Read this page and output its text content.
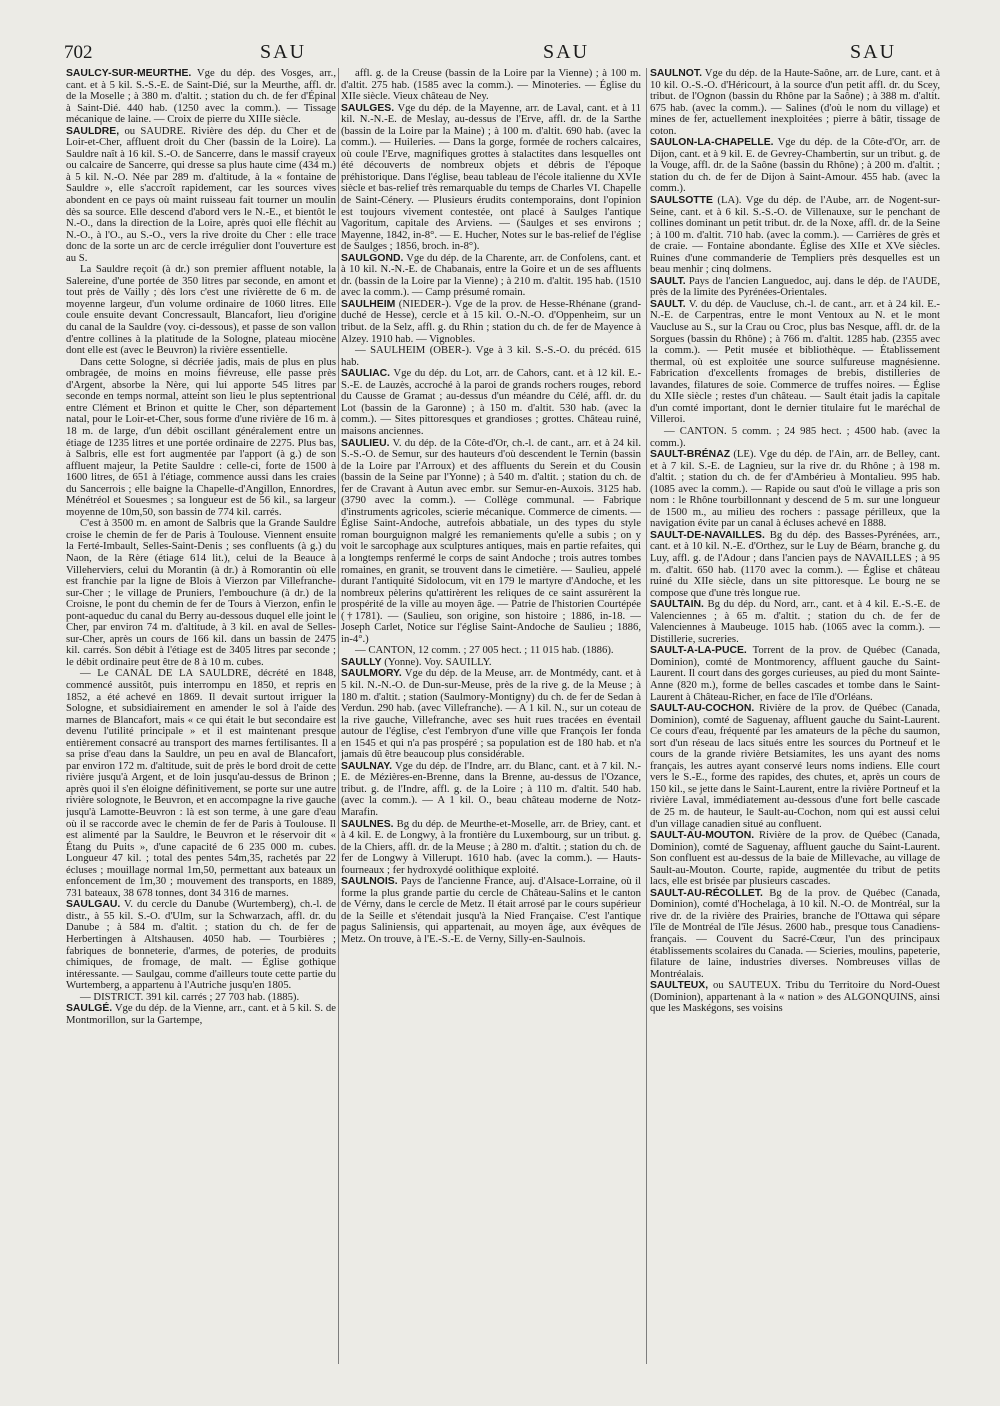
702	SAU	SAU	SAU

SAULCY-SUR-MEURTHE. Vge du dép. des Vosges, arr., cant. et à 5 kil. S.-S.-E. de Saint-Dié, sur la Meurthe, affl. dr. de la Moselle ; à 380 m. d'altit. ; station du ch. de fer d'Épinal à Saint-Dié. 440 hab. (1250 avec la comm.). — Tissage mécanique de laine. — Croix de pierre du XIIIe siècle.

SAULDRE, ou SAUDRE. Rivière des dép. du Cher et de Loir-et-Cher, affluent droit du Cher (bassin de la Loire). La Sauldre naît à 16 kil. S.-O. de Sancerre, dans le massif crayeux ou calcaire de Sancerre, qui dresse sa plus haute cime (434 m.) à 5 kil. N.-O. Née par 289 m. d'altitude, à la « fontaine de Sauldre », elle s'accroît rapidement, car les sources vives abondent en ce pays où maint ruisseau fait tourner un moulin dès sa source. Elle descend d'abord vers le N.-E., et bientôt le N.-O., dans la direction de la Loire, après quoi elle fléchit au N.-O., à l'O., au S.-O., vers la rive droite du Cher : elle trace donc de la sorte un arc de cercle irrégulier dont l'ouverture est au S.

La Sauldre reçoit (à dr.) son premier affluent notable, la Salereine, d'une portée de 350 litres par seconde, en amont et tout près de Vailly ; dès lors c'est une rivièrette de 6 m. de moyenne largeur, d'un volume ordinaire de 1060 litres. Elle coule ensuite devant Concressault, Blancafort, lieu d'origine du canal de la Sauldre (voy. ci-dessous), et passe de son vallon d'entre collines à la platitude de la Sologne, plateau miocène dont elle est (avec le Beuvron) la rivière essentielle.

Dans cette Sologne, si décriée jadis, mais de plus en plus ombragée, de moins en moins fiévreuse, elle passe près d'Argent, absorbe la Nère, qui lui apporte 545 litres par seconde en temps normal, atteint son lieu le plus septentrional entre Clément et Brinon et quitte le Cher, son département natal, pour le Loir-et-Cher, sous forme d'une rivière de 16 m. à 18 m. de large, d'un débit oscillant généralement entre un étiage de 1235 litres et une portée ordinaire de 2275. Plus bas, à Salbris, elle est fort augmentée par l'apport (à g.) de son affluent majeur, la Petite Sauldre : celle-ci, forte de 1500 à 1600 litres, de 651 à l'étiage, commence aussi dans les craies du Sancerrois ; elle baigne la Chapelle-d'Angillon, Ennordres, Ménétréol et Souesmes ; sa longueur est de 56 kil., sa largeur moyenne de 10m,50, son bassin de 774 kil. carrés.

C'est à 3500 m. en amont de Salbris que la Grande Sauldre croise le chemin de fer de Paris à Toulouse. Viennent ensuite la Ferté-Imbault, Selles-Saint-Denis ; ses confluents (à g.) du Naon, de la Rère (étiage 614 lit.), celui de la Beauce à Villeherviers, celui du Morantin (à dr.) à Romorantin où elle est franchie par la ligne de Blois à Vierzon par Villefranche-sur-Cher ; le village de Pruniers, l'embouchure (à dr.) de la Croisne, le pont du chemin de fer de Tours à Vierzon, enfin le pont-aqueduc du canal du Berry au-dessous duquel elle joint le Cher, par environ 74 m. d'altitude, à 3 kil. en aval de Selles-sur-Cher, après un cours de 166 kil. dans un bassin de 2475 kil. carrés. Son débit à l'étiage est de 3405 litres par seconde ; le débit ordinaire peut être de 8 à 10 m. cubes.

— Le CANAL DE LA SAULDRE, décrété en 1848, commencé aussitôt, puis interrompu en 1850, et repris en 1852, a été achevé en 1869. Il devait surtout irriguer la Sologne, et subsidiairement en amender le sol à l'aide des marnes de Blancafort, mais « ce qui était le but secondaire est devenu l'utilité principale » et il est maintenant presque entièrement consacré au transport des marnes fertilisantes. Il a sa prise d'eau dans la Sauldre, un peu en aval de Blancafort, par environ 172 m. d'altitude, suit de près le bord droit de cette rivière jusqu'à Argent, et de loin jusqu'au-dessus de Brinon ; après quoi il s'en éloigne définitivement, se porte sur une autre rivière solognote, le Beuvron, et en accompagne la rive gauche jusqu'à Lamotte-Beuvron : là est son terme, à une gare d'eau où il se raccorde avec le chemin de fer de Paris à Toulouse. Il est alimenté par la Sauldre, le Beuvron et le réservoir dit « Étang du Puits », d'une capacité de 6 235 000 m. cubes. Longueur 47 kil. ; total des pentes 54m,35, rachetés par 22 écluses ; mouillage normal 1m,50, permettant aux bateaux un enfoncement de 1m,30 ; mouvement des transports, en 1889, 731 bateaux, 38 678 tonnes, dont 34 316 de marnes.

SAULGAU. V. du cercle du Danube (Wurtemberg), ch.-l. de distr., à 55 kil. S.-O. d'Ulm, sur la Schwarzach, affl. dr. du Danube ; à 584 m. d'altit. ; station du ch. de fer de Herbertingen à Altshausen. 4050 hab. — Tourbières ; fabriques de bonneterie, d'armes, de poteries, de produits chimiques, de fromage, de malt. — Église gothique intéressante. — Saulgau, comme d'ailleurs toute cette partie du Wurtemberg, a appartenu à l'Autriche jusqu'en 1805.

— DISTRICT. 391 kil. carrés ; 27 703 hab. (1885).

SAULGÉ. Vge du dép. de la Vienne, arr., cant. et à 5 kil. S. de Montmorillon, sur la Gartempe,

affl. g. de la Creuse (bassin de la Loire par la Vienne) ; à 100 m. d'altit. 275 hab. (1585 avec la comm.). — Minoteries. — Église du XIIe siècle. Vieux château de Ney.

SAULGES. Vge du dép. de la Mayenne, arr. de Laval, cant. et à 11 kil. N.-N.-E. de Meslay, au-dessus de l'Erve, affl. dr. de la Sarthe (bassin de la Loire par la Maine) ; à 100 m. d'altit. 690 hab. (avec la comm.). — Huileries. — Dans la gorge, formée de rochers calcaires, où coule l'Erve, magnifiques grottes à stalactites dans lesquelles ont été découverts de nombreux objets et débris de l'époque préhistorique. Dans l'église, beau tableau de l'école italienne du XVIe siècle et bas-relief très remarquable du temps de Charles VI. Chapelle de Saint-Cénery. — Plusieurs érudits contemporains, dont l'opinion est toujours vivement contestée, ont placé à Saulges l'antique Vagoritum, capitale des Arviens. — (Saulges et ses environs ; Mayenne, 1842, in-8°. — E. Hucher, Notes sur le bas-relief de l'église de Saulges ; 1856, broch. in-8°).

SAULGOND. Vge du dép. de la Charente, arr. de Confolens, cant. et à 10 kil. N.-N.-E. de Chabanais, entre la Goire et un de ses affluents dr. (bassin de la Loire par la Vienne) ; à 210 m. d'altit. 195 hab. (1510 avec la comm.). — Camp présumé romain.

SAULHEIM (NIEDER-). Vge de la prov. de Hesse-Rhénane (grand-duché de Hesse), cercle et à 15 kil. O.-N.-O. d'Oppenheim, sur un tribut. de la Selz, affl. g. du Rhin ; station du ch. de fer de Mayence à Alzey. 1910 hab. — Vignobles.

— SAULHEIM (OBER-). Vge à 3 kil. S.-S.-O. du précéd. 615 hab.

SAULIAC. Vge du dép. du Lot, arr. de Cahors, cant. et à 12 kil. E.-S.-E. de Lauzès, accroché à la paroi de grands rochers rouges, rebord du Causse de Gramat ; au-dessus d'un méandre du Célé, affl. dr. du Lot (bassin de la Garonne) ; à 150 m. d'altit. 530 hab. (avec la comm.). — Sites pittoresques et grandioses ; grottes. Château ruiné, maisons anciennes.

SAULIEU. V. du dép. de la Côte-d'Or, ch.-l. de cant., arr. et à 24 kil. S.-S.-O. de Semur, sur des hauteurs d'où descendent le Ternin (bassin de la Loire par l'Arroux) et des affluents du Serein et du Cousin (bassin de la Seine par l'Yonne) ; à 540 m. d'altit. ; station du ch. de fer de Cravant à Autun avec embr. sur Semur-en-Auxois. 3125 hab. (3790 avec la comm.). — Collège communal. — Fabrique d'instruments agricoles, scierie mécanique. Commerce de ciments. — Église Saint-Andoche, autrefois abbatiale, un des types du style roman bourguignon malgré les remaniements qu'elle a subis ; on y voit le sarcophage aux sculptures antiques, mais en partie refaites, qui a longtemps renfermé le corps de saint Andoche ; trois autres tombes romaines, en granit, se trouvent dans le cimetière. — Saulieu, appelé durant l'antiquité Sidolocum, vit en 179 le martyre d'Andoche, et les nombreux pèlerins qu'attirèrent les reliques de ce saint assurèrent la prospérité de la ville au moyen âge. — Patrie de l'historien Courtépée (†1781). — (Saulieu, son origine, son histoire ; 1886, in-18. — Joseph Carlet, Notice sur l'église Saint-Andoche de Saulieu ; 1886, in-4°.)

— CANTON, 12 comm. ; 27 005 hect. ; 11 015 hab. (1886).

SAULLY (Yonne). Voy. SAUILLY.

SAULMORY. Vge du dép. de la Meuse, arr. de Montmédy, cant. et à 5 kil. N.-N.-O. de Dun-sur-Meuse, près de la rive g. de la Meuse ; à 180 m. d'altit. ; station (Saulmory-Montigny) du ch. de fer de Sedan à Verdun. 290 hab. (avec Villefranche). — A 1 kil. N., sur un coteau de la rive gauche, Villefranche, avec ses huit rues tracées en éventail autour de l'église, c'est l'embryon d'une ville que François Ier fonda en 1545 et qui n'a pas prospéré ; sa population est de 180 hab. et n'a jamais dû être beaucoup plus considérable.

SAULNAY. Vge du dép. de l'Indre, arr. du Blanc, cant. et à 7 kil. N.-E. de Mézières-en-Brenne, dans la Brenne, au-dessus de l'Ozance, tribut. g. de l'Indre, affl. g. de la Loire ; à 110 m. d'altit. 540 hab. (avec la comm.). — A 1 kil. O., beau château moderne de Notz-Marafin.

SAULNES. Bg du dép. de Meurthe-et-Moselle, arr. de Briey, cant. et à 4 kil. E. de Longwy, à la frontière du Luxembourg, sur un tribut. g. de la Chiers, affl. dr. de la Meuse ; à 280 m. d'altit. ; station du ch. de fer de Longwy à Villerupt. 1610 hab. (avec la comm.). — Hauts-fourneaux ; fer hydroxydé oolithique exploité.

SAULNOIS. Pays de l'ancienne France, auj. d'Alsace-Lorraine, où il forme la plus grande partie du cercle de Château-Salins et le canton de Vérny, dans le cercle de Metz. Il était arrosé par le cours supérieur de la Seille et s'étendait jusqu'à la Nied Française. C'est l'antique pagus Saliniensis, qui appartenait, au moyen âge, aux évêques de Metz. On trouve, à l'E.-S.-E. de Verny, Silly-en-Saulnois.

SAULNOT. Vge du dép. de la Haute-Saône, arr. de Lure, cant. et à 10 kil. O.-S.-O. d'Héricourt, à la source d'un petit affl. dr. du Scey, tribut. de l'Ognon (bassin du Rhône par la Saône) ; à 388 m. d'altit. 675 hab. (avec la comm.). — Salines (d'où le nom du village) et mines de fer, actuellement inexploitées ; pierre à bâtir, tissage de coton.

SAULON-LA-CHAPELLE. Vge du dép. de la Côte-d'Or, arr. de Dijon, cant. et à 9 kil. E. de Gevrey-Chambertin, sur un tribut. g. de la Vouge, affl. dr. de la Saône (bassin du Rhône) ; à 200 m. d'altit. ; station du ch. de fer de Dijon à Saint-Amour. 455 hab. (avec la comm.).

SAULSOTTE (LA). Vge du dép. de l'Aube, arr. de Nogent-sur-Seine, cant. et à 6 kil. S.-S.-O. de Villenauxe, sur le penchant de collines dominant un petit tribut. dr. de la Noxe, affl. dr. de la Seine ; à 100 m. d'altit. 710 hab. (avec la comm.). — Carrières de grès et de craie. — Fontaine abondante. Église des XIIe et XVe siècles. Ruines d'une commanderie de Templiers près desquelles est un beau menhir ; cinq dolmens.

SAULT. Pays de l'ancien Languedoc, auj. dans le dép. de l'AUDE, près de la limite des Pyrénées-Orientales.

SAULT. V. du dép. de Vaucluse, ch.-l. de cant., arr. et à 24 kil. E.-N.-E. de Carpentras, entre le mont Ventoux au N. et le mont Vaucluse au S., sur la Crau ou Croc, plus bas Nesque, affl. dr. de la Sorgues (bassin du Rhône) ; à 766 m. d'altit. 1285 hab. (2355 avec la comm.). — Petit musée et bibliothèque. — Établissement thermal, où est exploitée une source sulfureuse magnésienne. Fabrication d'excellents fromages de brebis, distilleries de lavandes, filatures de soie. Commerce de truffes noires. — Église du XIIe siècle ; restes d'un château. — Sault était jadis la capitale d'un comté important, dont le dernier titulaire fut le maréchal de Villeroi.

— CANTON. 5 comm. ; 24 985 hect. ; 4500 hab. (avec la comm.).

SAULT-BRÉNAZ (LE). Vge du dép. de l'Ain, arr. de Belley, cant. et à 7 kil. S.-E. de Lagnieu, sur la rive dr. du Rhône ; à 198 m. d'altit. ; station du ch. de fer d'Ambérieu à Montalieu. 995 hab. (1085 avec la comm.). — Rapide ou saut d'où le village a pris son nom : le Rhône tourbillonnant y descend de 5 m. sur une longueur de 1500 m., au milieu des rochers : passage périlleux, que la navigation évite par un canal à écluses achevé en 1888.

SAULT-DE-NAVAILLES. Bg du dép. des Basses-Pyrénées, arr., cant. et à 10 kil. N.-E. d'Orthez, sur le Luy de Béarn, branche g. du Luy, affl. g. de l'Adour ; dans l'ancien pays de NAVAILLES ; à 95 m. d'altit. 650 hab. (1170 avec la comm.). — Église et château ruiné du XIIe siècle, dans un site pittoresque. Le bourg ne se compose que d'une très longue rue.

SAULTAIN. Bg du dép. du Nord, arr., cant. et à 4 kil. E.-S.-E. de Valenciennes ; à 65 m. d'altit. ; station du ch. de fer de Valenciennes à Maubeuge. 1015 hab. (1065 avec la comm.). — Distillerie, sucreries.

SAULT-A-LA-PUCE. Torrent de la prov. de Québec (Canada, Dominion), comté de Montmorency, affluent gauche du Saint-Laurent. Il court dans des gorges curieuses, au pied du mont Sainte-Anne (820 m.), forme de belles cascades et tombe dans le Saint-Laurent à Château-Richer, en face de l'île d'Orléans.

SAULT-AU-COCHON. Rivière de la prov. de Québec (Canada, Dominion), comté de Saguenay, affluent gauche du Saint-Laurent. Ce cours d'eau, fréquenté par les amateurs de la pêche du saumon, sort d'un réseau de lacs situés entre les sources du Portneuf et le cours de la grande rivière Betsiamites, les uns ayant des noms français, les autres ayant conservé leurs noms indiens. Elle court vers le S.-E., forme des rapides, des chutes, et, après un cours de 150 kil., se jette dans le Saint-Laurent, entre la rivière Portneuf et la rivière Laval, immédiatement au-dessous d'une fort belle cascade de 25 m. de hauteur, le Sault-au-Cochon, nom qui est aussi celui d'un village canadien situé au confluent.

SAULT-AU-MOUTON. Rivière de la prov. de Québec (Canada, Dominion), comté de Saguenay, affluent gauche du Saint-Laurent. Son confluent est au-dessus de la baie de Millevache, au village de Sault-au-Mouton. Courte, rapide, augmentée du tribut de petits lacs, elle est brisée par plusieurs cascades.

SAULT-AU-RÉCOLLET. Bg de la prov. de Québec (Canada, Dominion), comté d'Hochelaga, à 10 kil. N.-O. de Montréal, sur la rive dr. de la rivière des Prairies, branche de l'Ottawa qui sépare l'île de Montréal de l'île Jésus. 2600 hab., presque tous Canadiens-français. — Couvent du Sacré-Cœur, l'un des principaux établissements scolaires du Canada. — Scieries, moulins, papeterie, filature de laine, industries diverses. Nombreuses villas de Montréalais.

SAULTEUX, ou SAUTEUX. Tribu du Territoire du Nord-Ouest (Dominion), appartenant à la « nation » des ALGONQUINS, ainsi que les Maskégons, ses voisins
